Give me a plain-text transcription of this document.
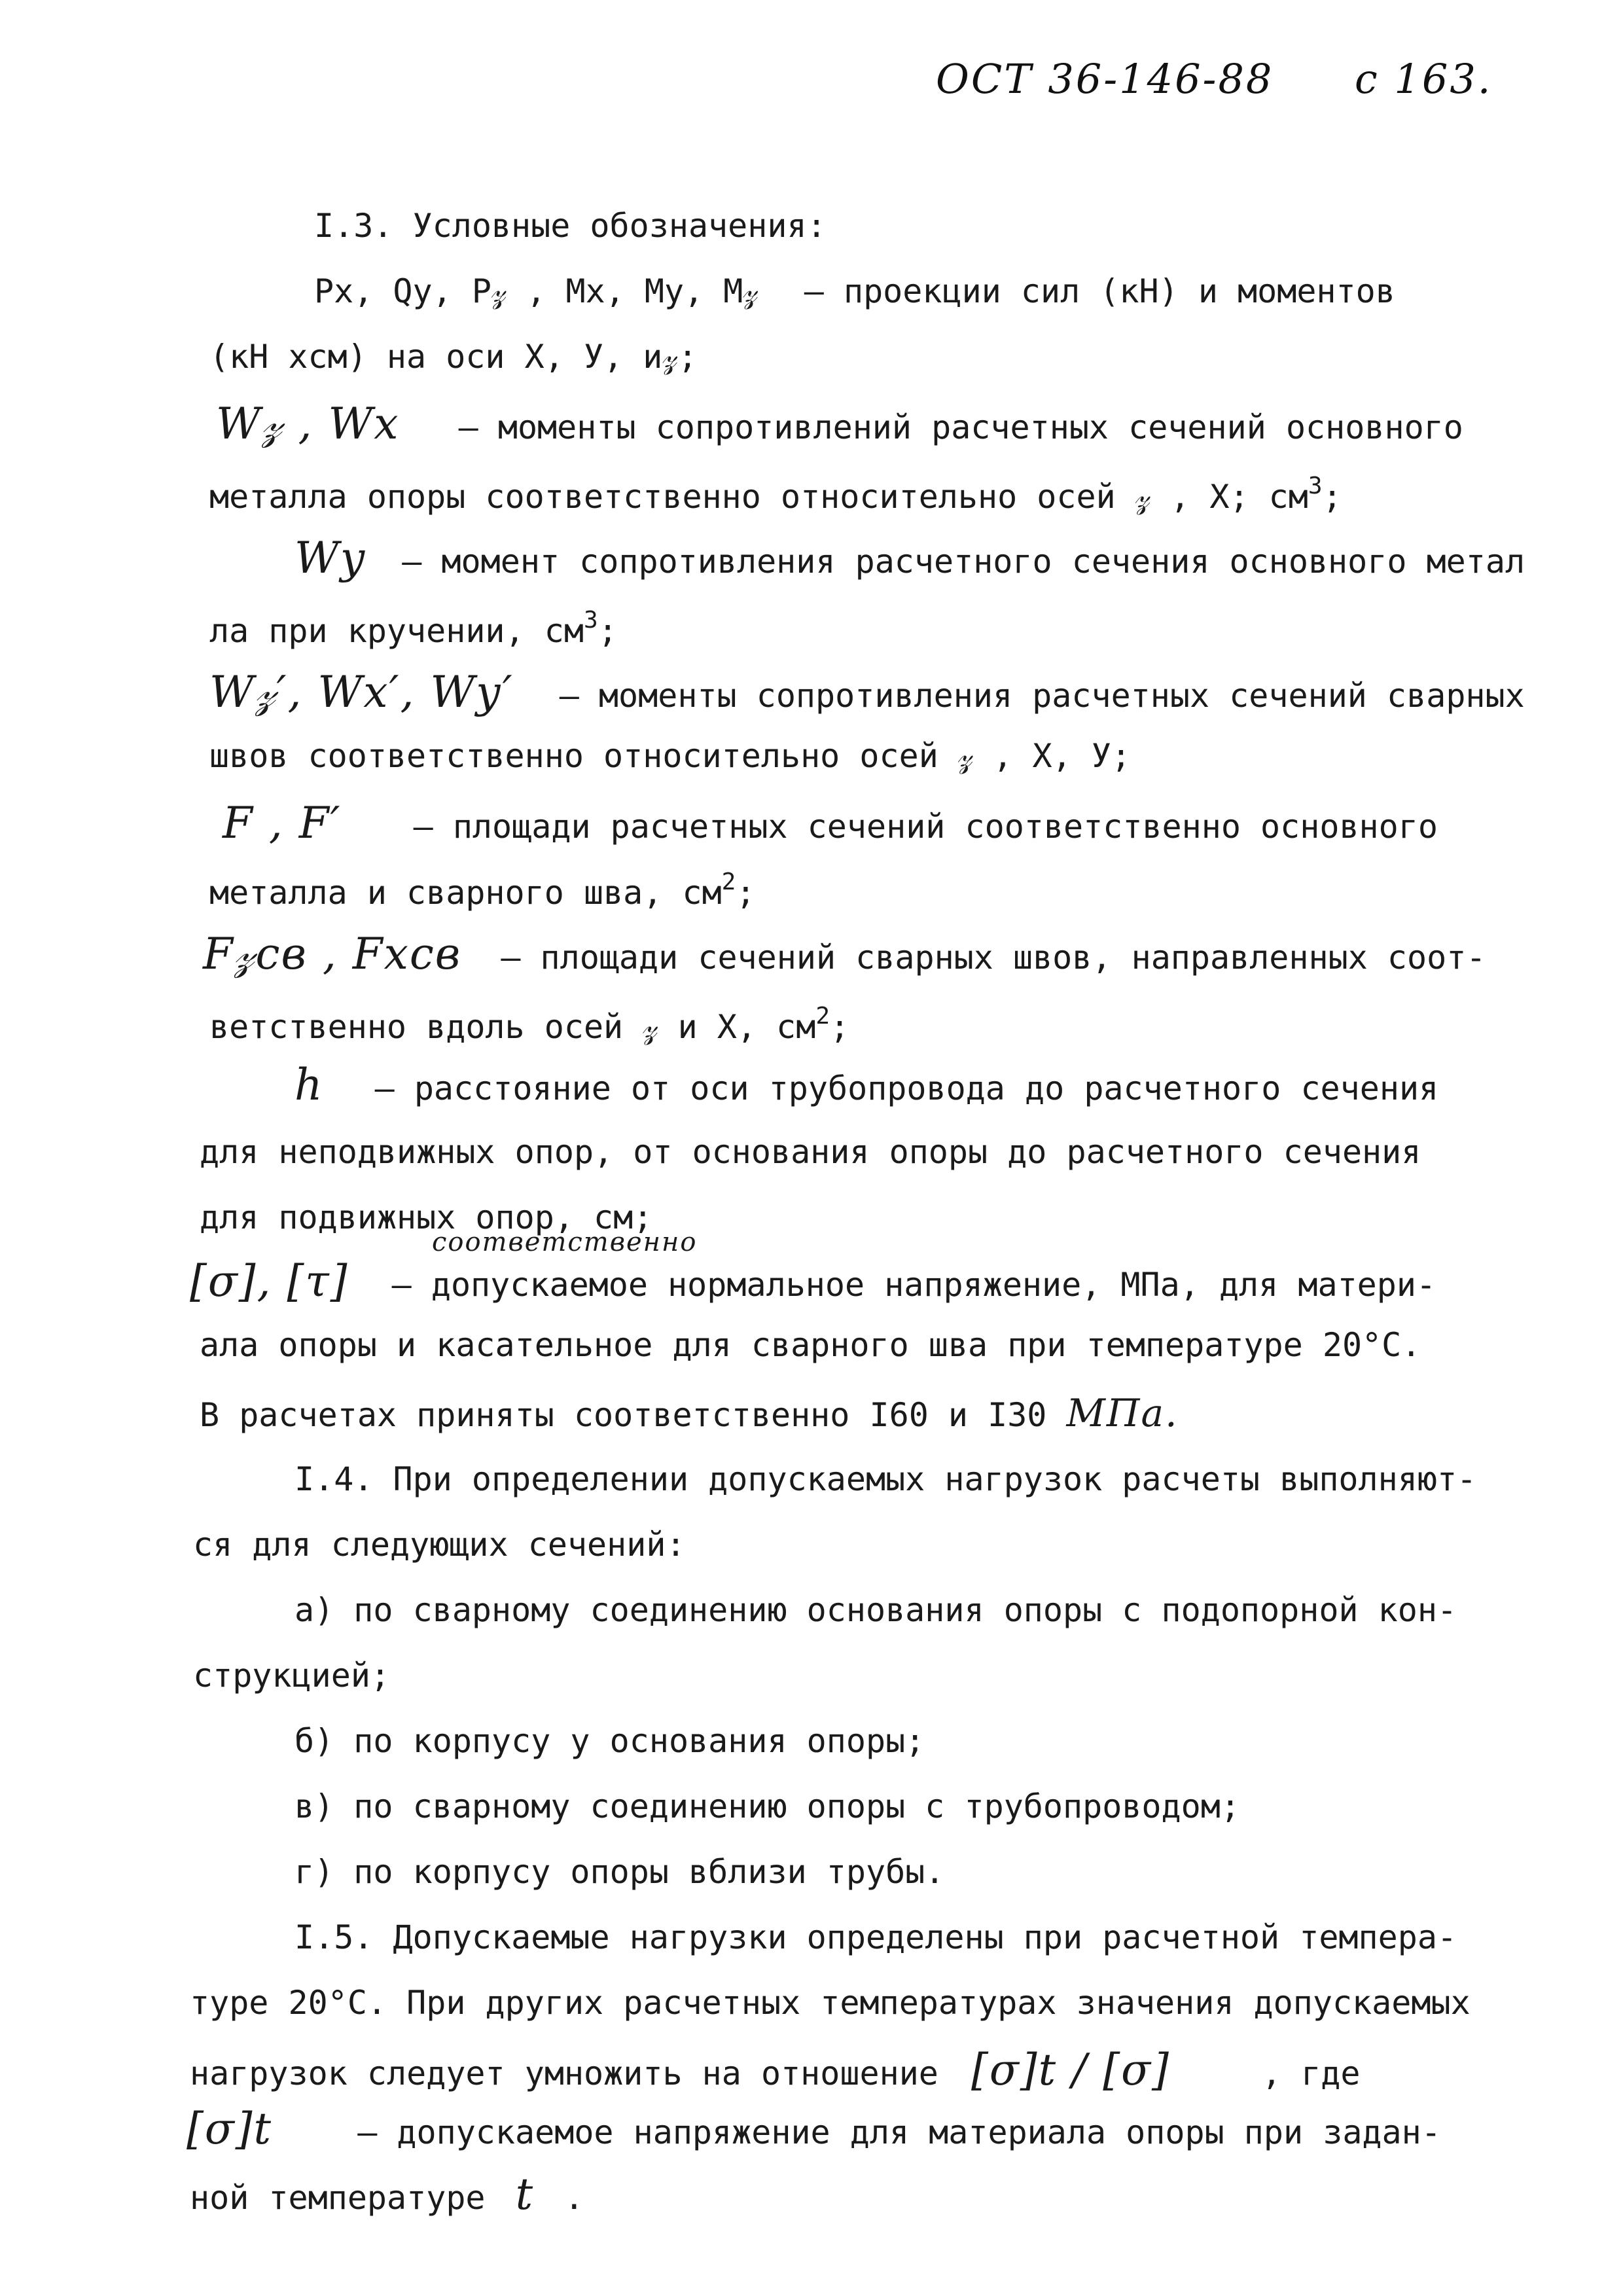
ОСТ 36-146-88 с 163.
I.3. Условные обозначения:
Рх, Qу, Р𝓏 , Мх, Му, М𝓏 – проекции сил (кН) и моментов
(кН хсм) на оси X, У, и𝓏;
W𝓏 , Wх – моменты сопротивлений расчетных сечений основного
металла опоры соответственно относительно осей 𝓏 , X; $см^3$;
Wу – момент сопротивления расчетного сечения основного метал
ла при кручении, $см^3$;
W𝓏′, Wх′, Wу′ – моменты сопротивления расчетных сечений сварных
швов соответственно относительно осей 𝓏 , X, У;
F , F′ – площади расчетных сечений соответственно основного
металла и сварного шва, $см^2$;
F𝓏св , Fхсв – площади сечений сварных швов, направленных соот-
ветственно вдоль осей 𝓏 и X, $см^2$;
h – расстояние от оси трубопровода до расчетного сечения
для неподвижных опор, от основания опоры до расчетного сечения
для подвижных опор, см;
соответственно
[σ], [τ] – допускаемое нормальное напряжение, МПа, для матери-
ала опоры и касательное для сварного шва при температуре 20°С.
В расчетах приняты соответственно I60 и I30 МПа.
I.4. При определении допускаемых нагрузок расчеты выполняют-
ся для следующих сечений:
а) по сварному соединению основания опоры с подопорной кон-
струкцией;
б) по корпусу у основания опоры;
в) по сварному соединению опоры с трубопроводом;
г) по корпусу опоры вблизи трубы.
I.5. Допускаемые нагрузки определены при расчетной темпера-
туре 20°С. При других расчетных температурах значения допускаемых
нагрузок следует умножить на отношение [σ]t / [σ]	, где
[σ]t	– допускаемое напряжение для материала опоры при задан-
ной температуре t .
